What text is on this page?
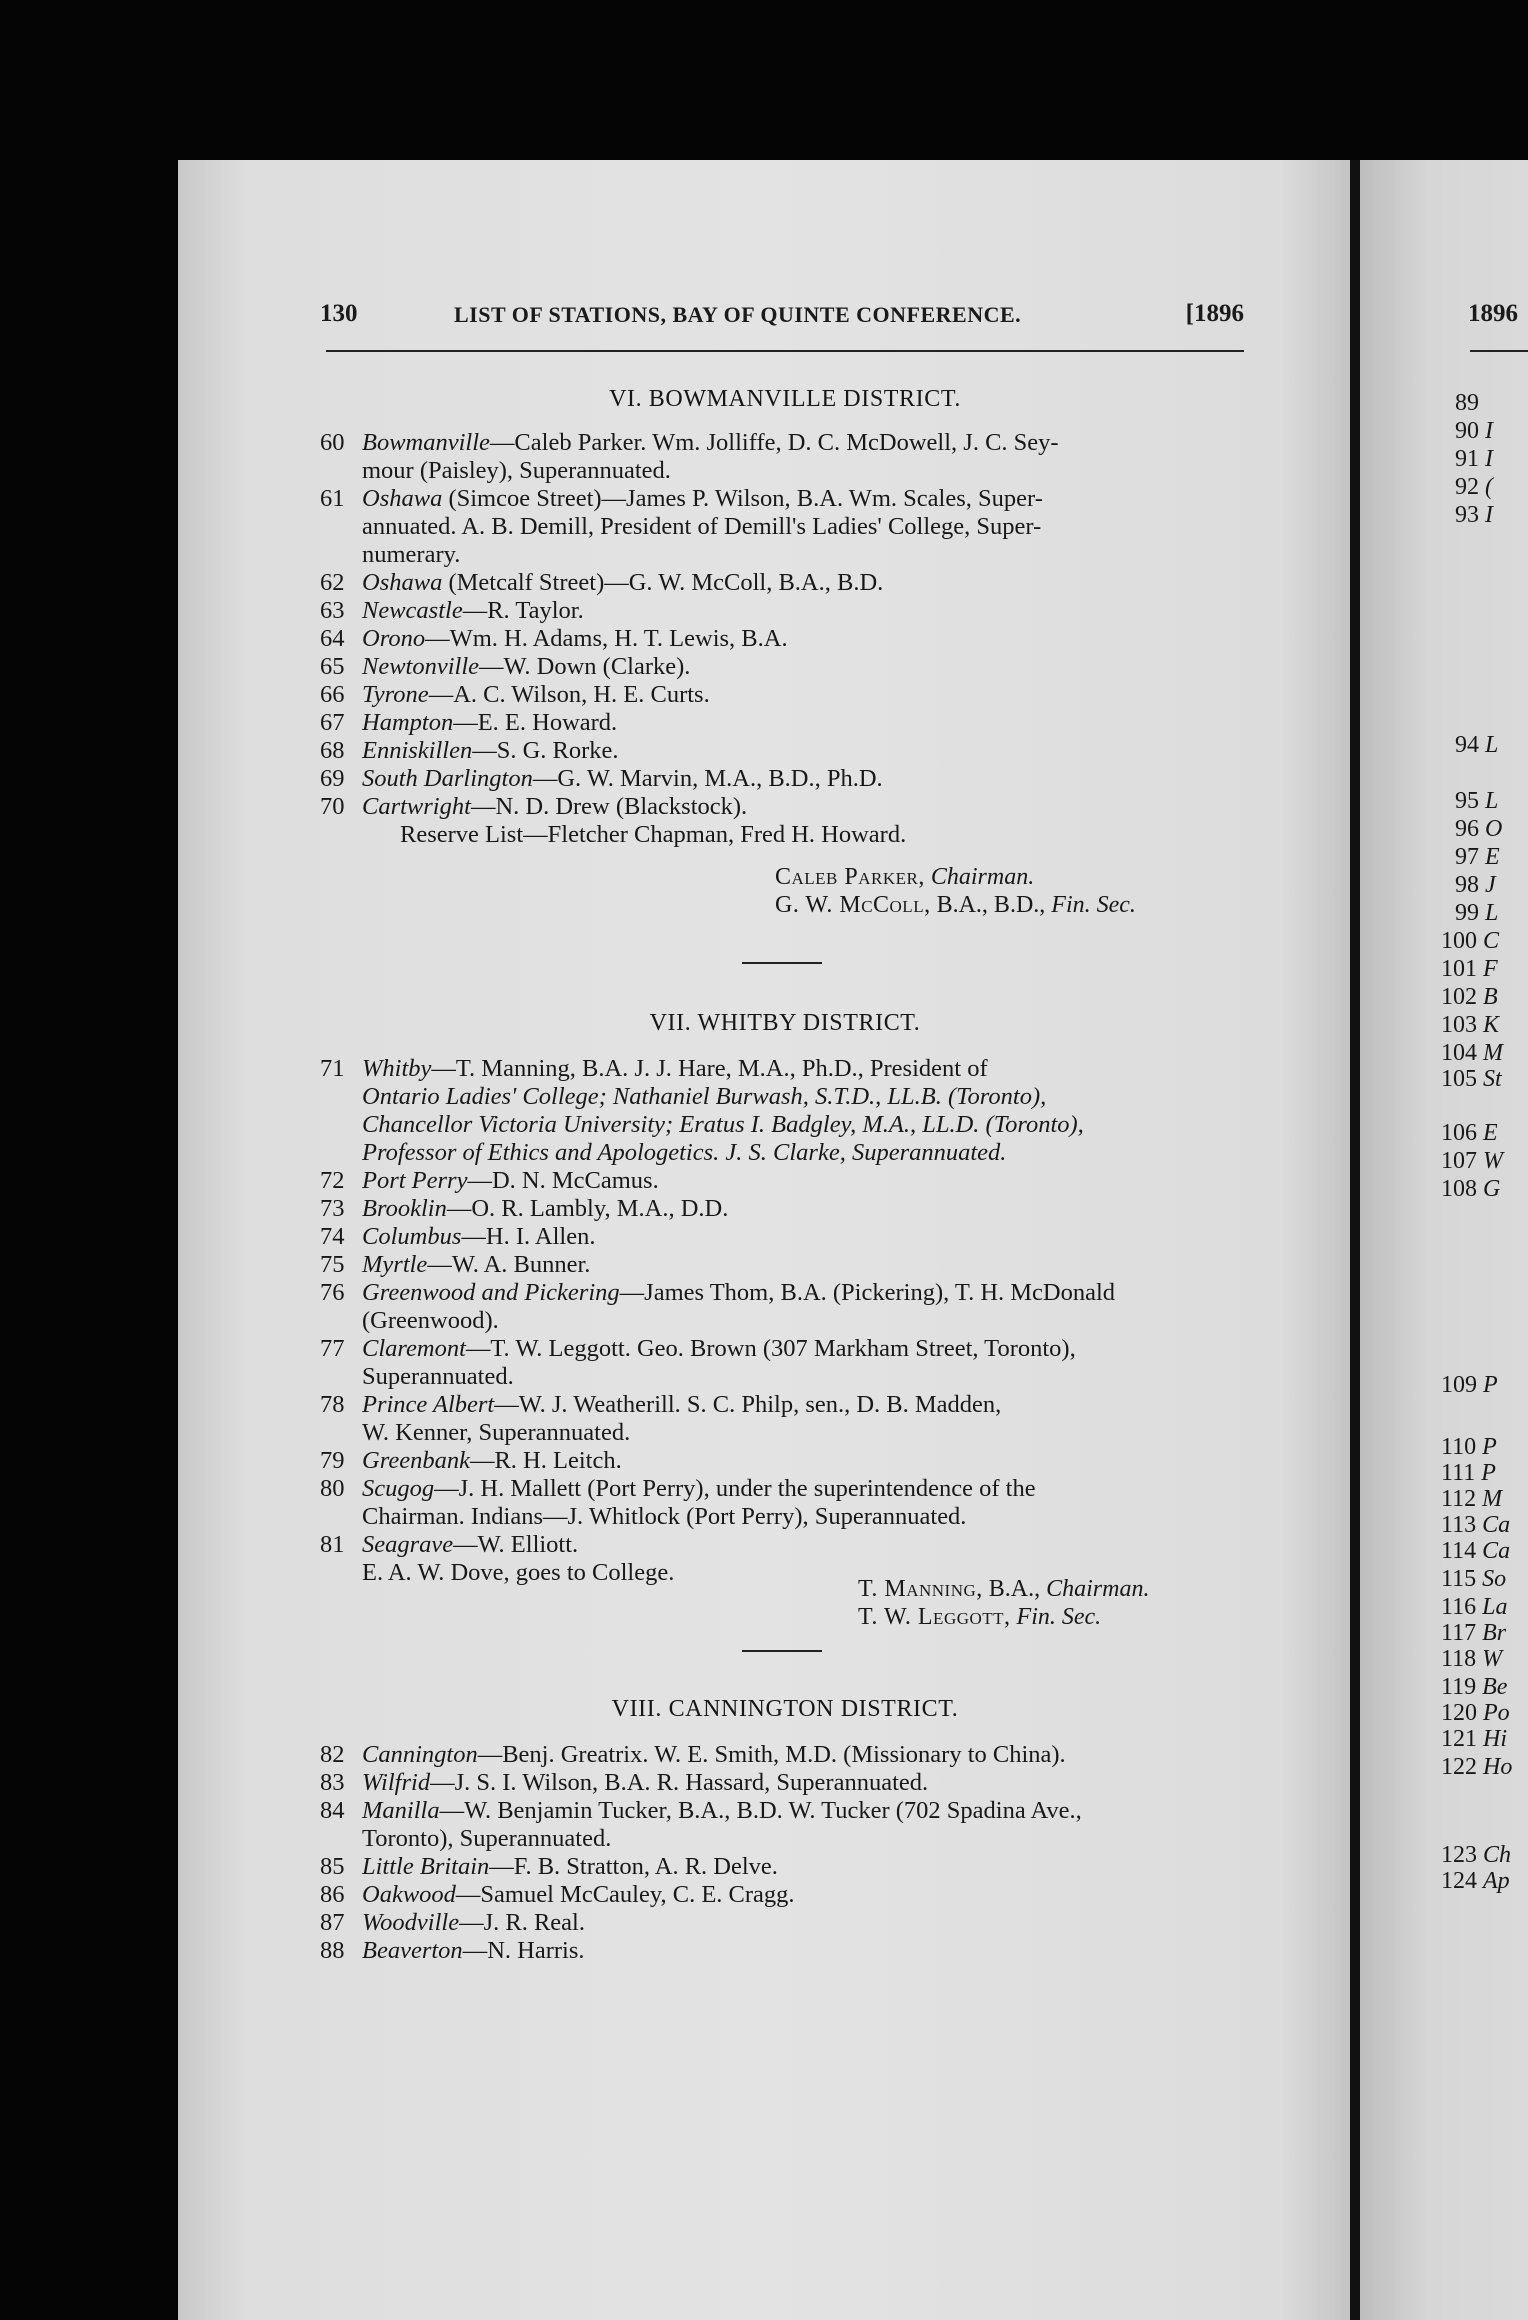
130	LIST OF STATIONS, BAY OF QUINTE CONFERENCE.	[1896
VI. BOWMANVILLE DISTRICT.
60 Bowmanville—Caleb Parker. Wm. Jolliffe, D. C. McDowell, J. C. Sey-
mour (Paisley), Superannuated.
61 Oshawa (Simcoe Street)—James P. Wilson, B.A. Wm. Scales, Super-
annuated. A. B. Demill, President of Demill's Ladies' College, Super-
numerary.
62 Oshawa (Metcalf Street)—G. W. McColl, B.A., B.D.
63 Newcastle—R. Taylor.
64 Orono—Wm. H. Adams, H. T. Lewis, B.A.
65 Newtonville—W. Down (Clarke).
66 Tyrone—A. C. Wilson, H. E. Curts.
67 Hampton—E. E. Howard.
68 Enniskillen—S. G. Rorke.
69 South Darlington—G. W. Marvin, M.A., B.D., Ph.D.
70 Cartwright—N. D. Drew (Blackstock).
Reserve List—Fletcher Chapman, Fred H. Howard.
Caleb Parker, Chairman.
G. W. McColl, B.A., B.D., Fin. Sec.
VII. WHITBY DISTRICT.
71 Whitby—T. Manning, B.A. J. J. Hare, M.A., Ph.D., President of
Ontario Ladies' College; Nathaniel Burwash, S.T.D., LL.B. (Toronto),
Chancellor Victoria University; Eratus I. Badgley, M.A., LL.D. (Toronto),
Professor of Ethics and Apologetics. J. S. Clarke, Superannuated.
72 Port Perry—D. N. McCamus.
73 Brooklin—O. R. Lambly, M.A., D.D.
74 Columbus—H. I. Allen.
75 Myrtle—W. A. Bunner.
76 Greenwood and Pickering—James Thom, B.A. (Pickering), T. H. McDonald
(Greenwood).
77 Claremont—T. W. Leggott. Geo. Brown (307 Markham Street, Toronto),
Superannuated.
78 Prince Albert—W. J. Weatherill. S. C. Philp, sen., D. B. Madden,
W. Kenner, Superannuated.
79 Greenbank—R. H. Leitch.
80 Scugog—J. H. Mallett (Port Perry), under the superintendence of the
Chairman. Indians—J. Whitlock (Port Perry), Superannuated.
81 Seagrave—W. Elliott.
E. A. W. Dove, goes to College.
T. Manning, B.A., Chairman.
T. W. Leggott, Fin. Sec.
VIII. CANNINGTON DISTRICT.
82 Cannington—Benj. Greatrix. W. E. Smith, M.D. (Missionary to China).
83 Wilfrid—J. S. I. Wilson, B.A. R. Hassard, Superannuated.
84 Manilla—W. Benjamin Tucker, B.A., B.D. W. Tucker (702 Spadina Ave.,
Toronto), Superannuated.
85 Little Britain—F. B. Stratton, A. R. Delve.
86 Oakwood—Samuel McCauley, C. E. Cragg.
87 Woodville—J. R. Real.
88 Beaverton—N. Harris.
1896
89
90 I
91 I
92 (
93 I
94 L
95 L
96 O
97 E
98 J
99 L
100 C
101 F
102 B
103 K
104 M
105 St
106 E
107 W
108 G
109 P
110 P
111 P
112 M
113 Ca
114 Ca
115 So
116 La
117 Br
118 W
119 Be
120 Po
121 Hi
122 Ho
123 Ch
124 Ap
